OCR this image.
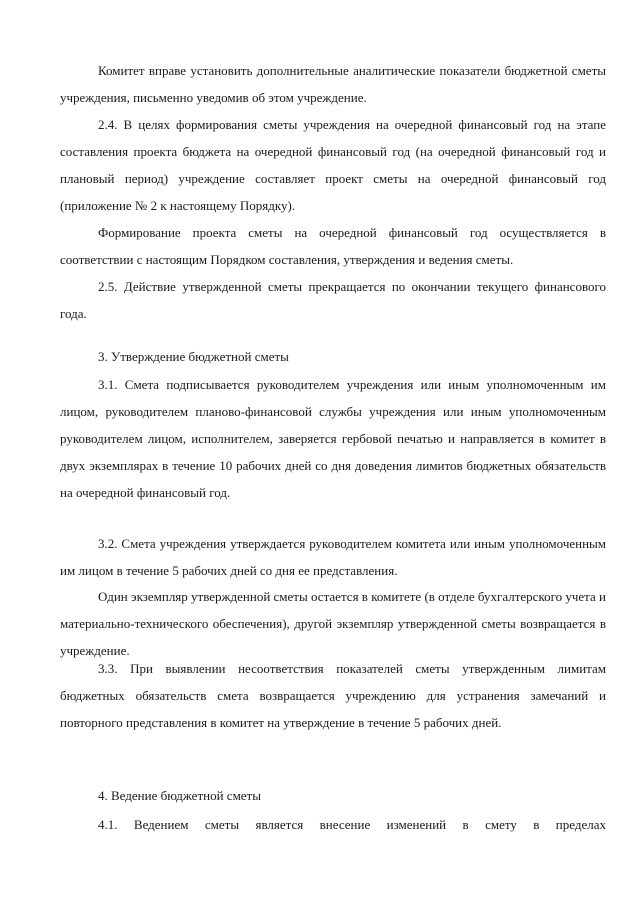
Комитет вправе установить дополнительные аналитические показатели бюджетной сметы учреждения, письменно уведомив об этом учреждение.

2.4. В целях формирования сметы учреждения на очередной финансовый год на этапе составления проекта бюджета на очередной финансовый год (на очередной финансовый год и плановый период) учреждение составляет проект сметы на очередной финансовый год (приложение № 2 к настоящему Порядку).

Формирование проекта сметы на очередной финансовый год осуществляется в соответствии с настоящим Порядком составления, утверждения и ведения сметы.

2.5. Действие утвержденной сметы прекращается по окончании текущего финансового года.

3. Утверждение бюджетной сметы

3.1. Смета подписывается руководителем учреждения или иным уполномоченным им лицом, руководителем планово-финансовой службы учреждения или иным уполномоченным руководителем лицом, исполнителем, заверяется гербовой печатью и направляется в комитет в двух экземплярах в течение 10 рабочих дней со дня доведения лимитов бюджетных обязательств на очередной финансовый год.

3.2. Смета учреждения утверждается руководителем комитета или иным уполномоченным им лицом в течение 5 рабочих дней со дня ее представления.

Один экземпляр утвержденной сметы остается в комитете (в отделе бухгалтерского учета и материально-технического обеспечения), другой экземпляр утвержденной сметы возвращается в учреждение.

3.3. При выявлении несоответствия показателей сметы утвержденным лимитам бюджетных обязательств смета возвращается учреждению для устранения замечаний и повторного представления в комитет на утверждение в течение 5 рабочих дней.

4. Ведение бюджетной сметы

4.1. Ведением сметы является внесение изменений в смету в пределах
